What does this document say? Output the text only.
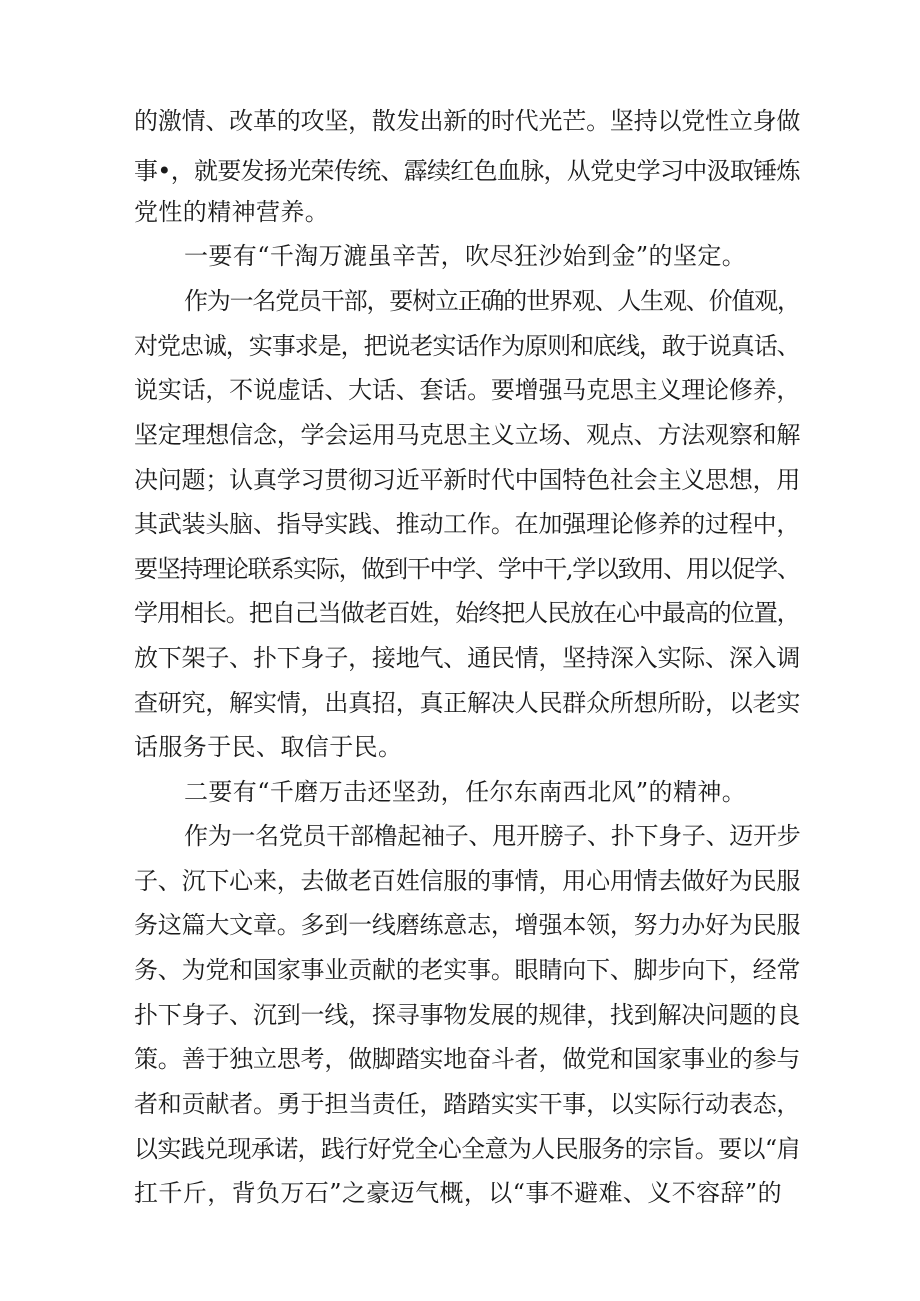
的激情、改革的攻坚，散发出新的时代光芒。坚持以党性立身做
事•，就要发扬光荣传统、霹续红色血脉，从党史学习中汲取锤炼
党性的精神营养。
一要有“千淘万漉虽辛苦，吹尽狂沙始到金”的坚定。
作为一名党员干部，要树立正确的世界观、人生观、价值观，
对党忠诚，实事求是，把说老实话作为原则和底线，敢于说真话、
说实话，不说虚话、大话、套话。要增强马克思主义理论修养，
坚定理想信念，学会运用马克思主义立场、观点、方法观察和解
决问题；认真学习贯彻习近平新时代中国特色社会主义思想，用
其武装头脑、指导实践、推动工作。在加强理论修养的过程中，
要坚持理论联系实际，做到干中学、学中干,学以致用、用以促学、
学用相长。把自己当做老百姓，始终把人民放在心中最高的位置，
放下架子、扑下身子，接地气、通民情，坚持深入实际、深入调
查研究，解实情，出真招，真正解决人民群众所想所盼，以老实
话服务于民、取信于民。
二要有“千磨万击还坚劲，任尔东南西北风”的精神。
作为一名党员干部橹起袖子、甩开膀子、扑下身子、迈开步
子、沉下心来，去做老百姓信服的事情，用心用情去做好为民服
务这篇大文章。多到一线磨练意志，增强本领，努力办好为民服
务、为党和国家事业贡献的老实事。眼睛向下、脚步向下，经常
扑下身子、沉到一线，探寻事物发展的规律，找到解决问题的良
策。善于独立思考，做脚踏实地奋斗者，做党和国家事业的参与
者和贡献者。勇于担当责任，踏踏实实干事，以实际行动表态，
以实践兑现承诺，践行好党全心全意为人民服务的宗旨。要以“肩
扛千斤，背负万石”之豪迈气概，以“事不避难、义不容辞”的
